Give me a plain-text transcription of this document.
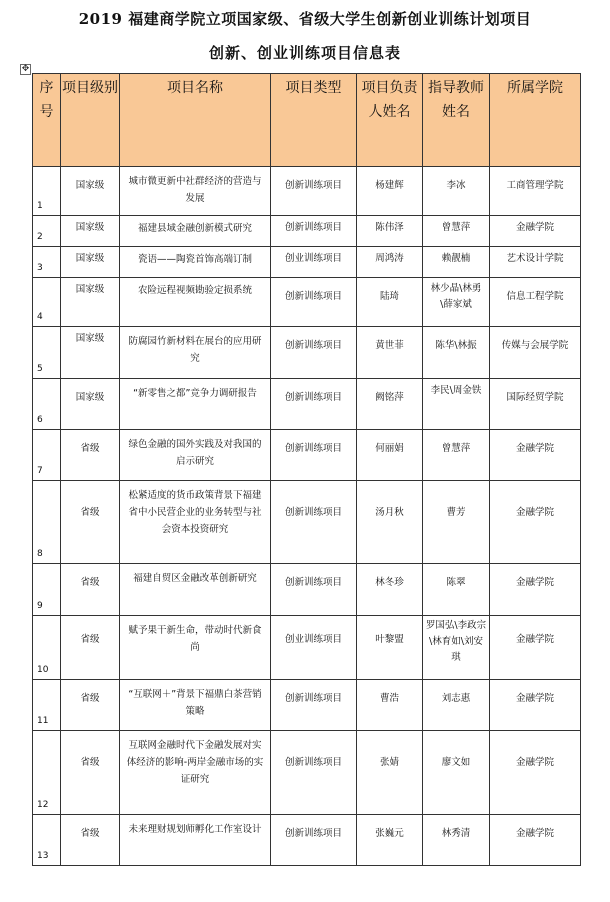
2019 福建商学院立项国家级、省级大学生创新创业训练计划项目
创新、创业训练项目信息表
✥
序号	项目级别	项目名称	项目类型	项目负责人姓名	指导教师姓名	所属学院
1	国家级	城市微更新中社群经济的营造与发展	创新训练项目	杨建辉	李冰	工商管理学院
2	国家级	福建县域金融创新模式研究	创新训练项目	陈伟泽	曾慧萍	金融学院
3	国家级	瓷语——陶瓷首饰高端订制	创业训练项目	周鸿涛	赖靓楠	艺术设计学院
4	国家级	农险远程视频勘验定损系统	创新训练项目	陆琦	林少晶\林勇\薛家斌	信息工程学院
5	国家级	防腐园竹新材料在展台的应用研究	创新训练项目	黄世菲	陈华\林振	传媒与会展学院
6	国家级	“新零售之都”竞争力调研报告	创新训练项目	阙铭萍	李民\周金铁	国际经贸学院
7	省级	绿色金融的国外实践及对我国的启示研究	创新训练项目	何丽娟	曾慧萍	金融学院
8	省级	松紧适度的货币政策背景下福建省中小民营企业的业务转型与社会资本投资研究	创新训练项目	汤月秋	曹芳	金融学院
9	省级	福建自贸区金融改革创新研究	创新训练项目	林冬珍	陈翠	金融学院
10	省级	赋予果干新生命，带动时代新食尚	创业训练项目	叶黎盟	罗国弘\李政宗\林育如\刘安琪	金融学院
11	省级	“互联网＋”背景下福鼎白茶营销策略	创新训练项目	曹浩	刘志惠	金融学院
12	省级	互联网金融时代下金融发展对实体经济的影响-两岸金融市场的实证研究	创新训练项目	张婧	廖文如	金融学院
13	省级	未来理财规划师孵化工作室设计	创新训练项目	张巍元	林秀清	金融学院
